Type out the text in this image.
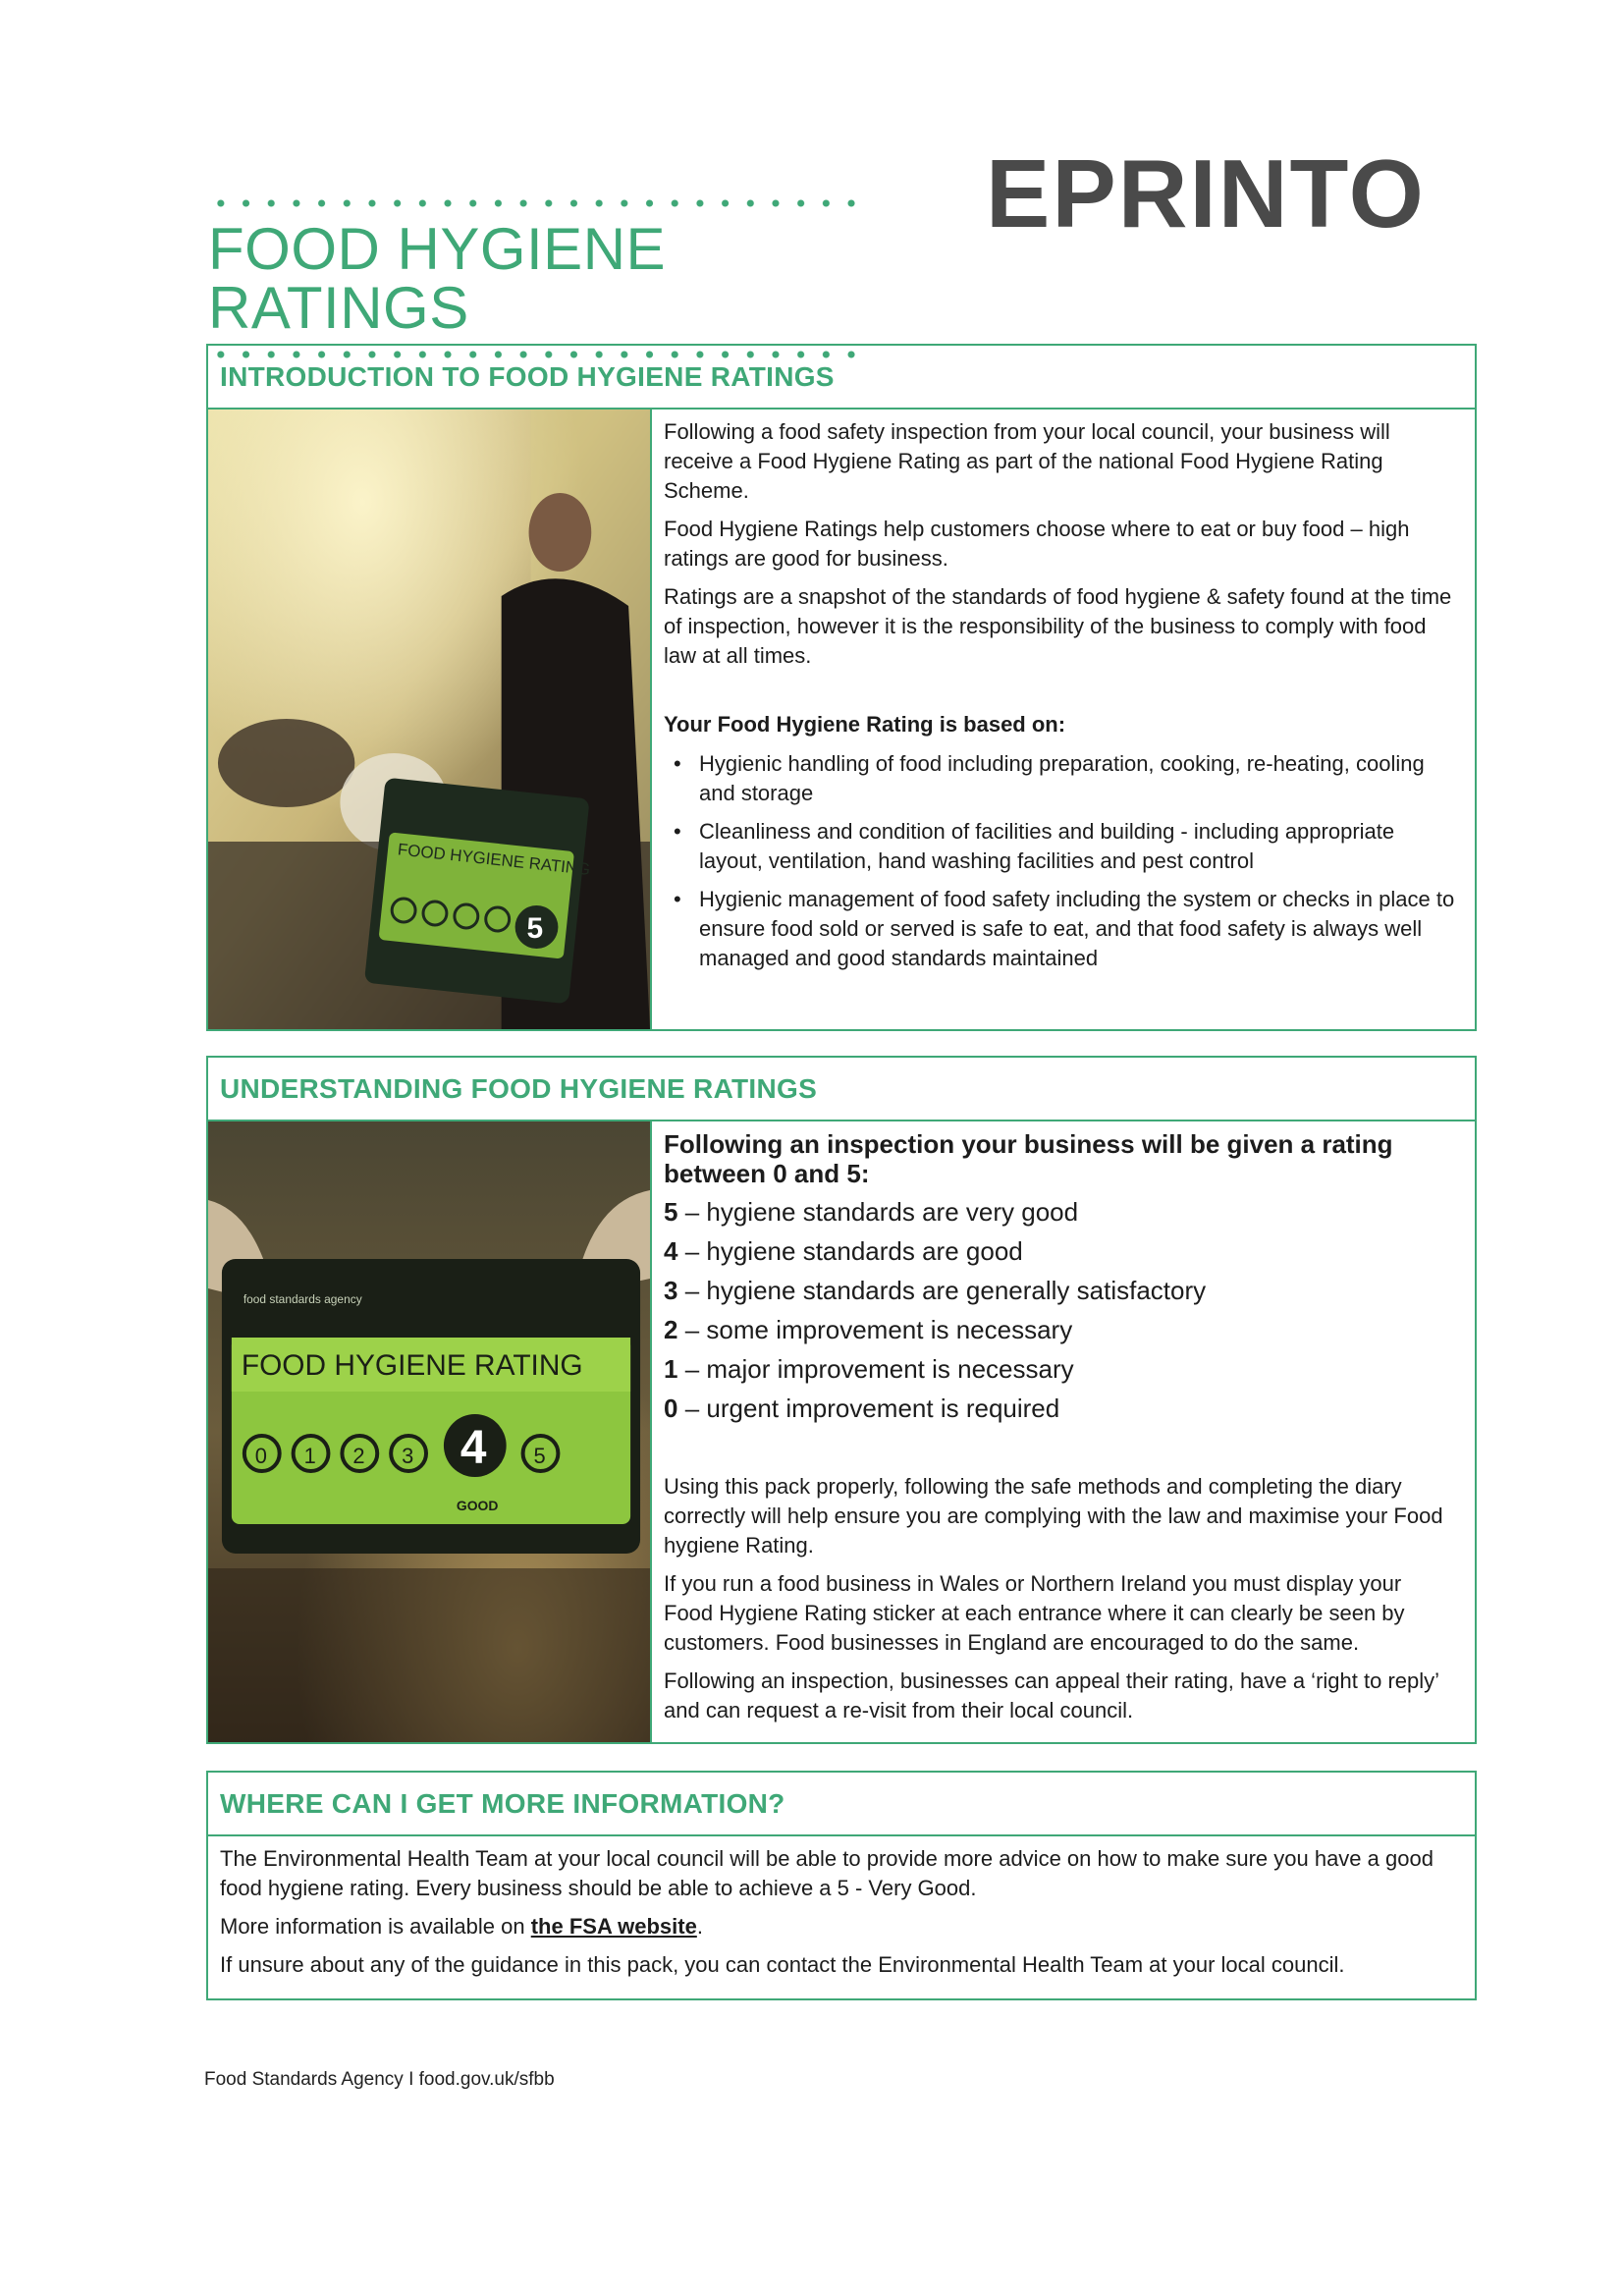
FOOD HYGIENE RATINGS
EPRINTO
INTRODUCTION TO FOOD HYGIENE RATINGS
FOOD HYGIENE RATING
5

Following a food safety inspection from your local council, your business will receive a Food Hygiene Rating as part of the national Food Hygiene Rating Scheme.

Food Hygiene Ratings help customers choose where to eat or buy food – high ratings are good for business.

Ratings are a snapshot of the standards of food hygiene & safety found at the time of inspection, however it is the responsibility of the business to comply with food law at all times.

Your Food Hygiene Rating is based on:

• Hygienic handling of food including preparation, cooking, re-heating, cooling and storage
• Cleanliness and condition of facilities and building - including appropriate layout, ventilation, hand washing facilities and pest control
• Hygienic management of food safety including the system or checks in place to ensure food sold or served is safe to eat, and that food safety is always well managed and good standards maintained
UNDERSTANDING FOOD HYGIENE RATINGS
food standards agency
FOOD HYGIENE RATING
0 1 2 3 4 5
GOOD

Following an inspection your business will be given a rating between 0 and 5:

5 – hygiene standards are very good
4 – hygiene standards are good
3 – hygiene standards are generally satisfactory
2 – some improvement is necessary
1 – major improvement is necessary
0 – urgent improvement is required

Using this pack properly, following the safe methods and completing the diary correctly will help ensure you are complying with the law and maximise your Food hygiene Rating.

If you run a food business in Wales or Northern Ireland you must display your Food Hygiene Rating sticker at each entrance where it can clearly be seen by customers. Food businesses in England are encouraged to do the same.

Following an inspection, businesses can appeal their rating, have a ‘right to reply’ and can request a re-visit from their local council.

WHERE CAN I GET MORE INFORMATION?

The Environmental Health Team at your local council will be able to provide more advice on how to make sure you have a good food hygiene rating. Every business should be able to achieve a 5 - Very Good.

More information is available on the FSA website.

If unsure about any of the guidance in this pack, you can contact the Environmental Health Team at your local council.

Food Standards Agency I food.gov.uk/sfbb
